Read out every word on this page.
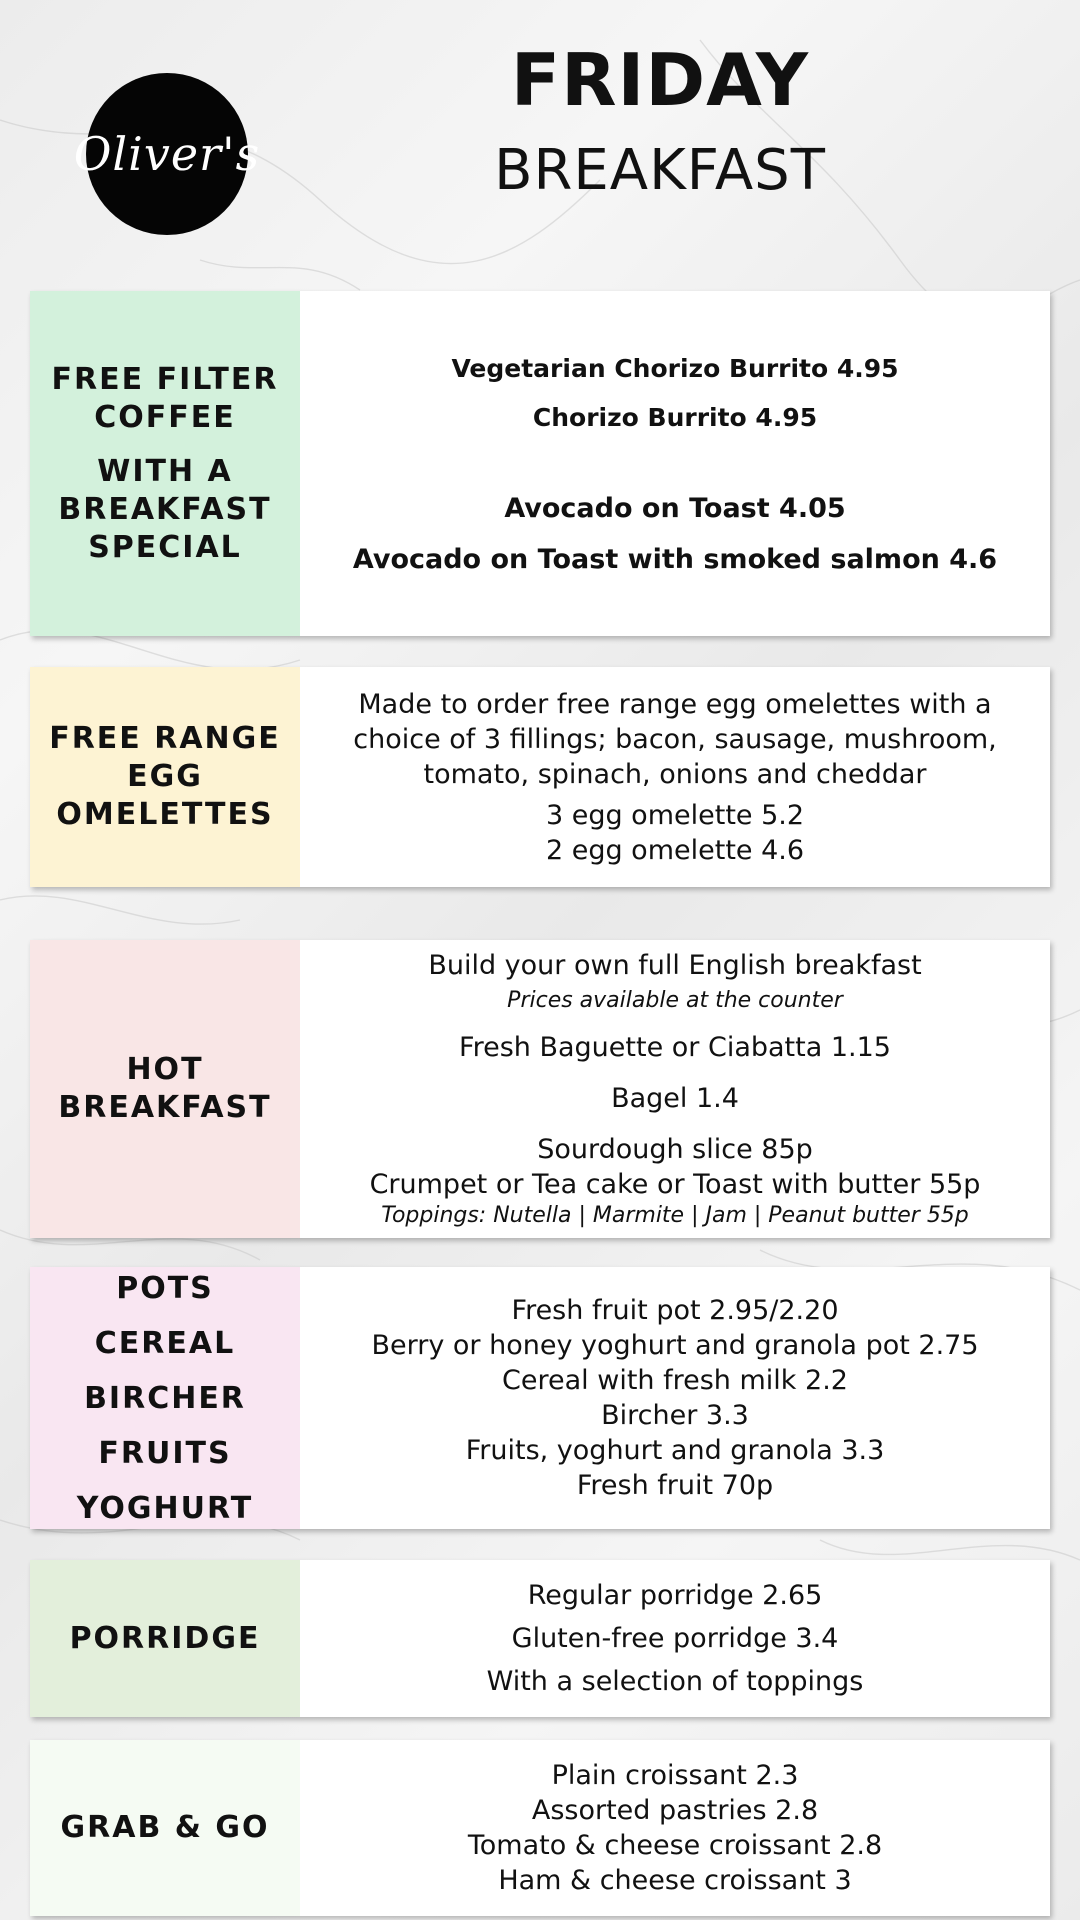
Oliver's
FRIDAY
BREAKFAST
FREE FILTER
COFFEE
WITH A
BREAKFAST
SPECIAL
Vegetarian Chorizo Burrito 4.95
Chorizo Burrito 4.95
Avocado on Toast 4.05
Avocado on Toast with smoked salmon 4.6
FREE RANGE
EGG
OMELETTES
Made to order free range egg omelettes with a choice of 3 fillings; bacon, sausage, mushroom, tomato, spinach, onions and cheddar
3 egg omelette 5.2
2 egg omelette 4.6
HOT
BREAKFAST
Build your own full English breakfast
Prices available at the counter
Fresh Baguette or Ciabatta 1.15
Bagel 1.4
Sourdough slice 85p
Crumpet or Tea cake or Toast with butter 55p
Toppings: Nutella | Marmite | Jam | Peanut butter 55p
POTS
CEREAL
BIRCHER
FRUITS
YOGHURT
Fresh fruit pot 2.95/2.20
Berry or honey yoghurt and granola pot 2.75
Cereal with fresh milk 2.2
Bircher 3.3
Fruits, yoghurt and granola 3.3
Fresh fruit 70p
PORRIDGE
Regular porridge 2.65
Gluten-free porridge 3.4
With a selection of toppings
GRAB & GO
Plain croissant 2.3
Assorted pastries 2.8
Tomato & cheese croissant 2.8
Ham & cheese croissant 3
